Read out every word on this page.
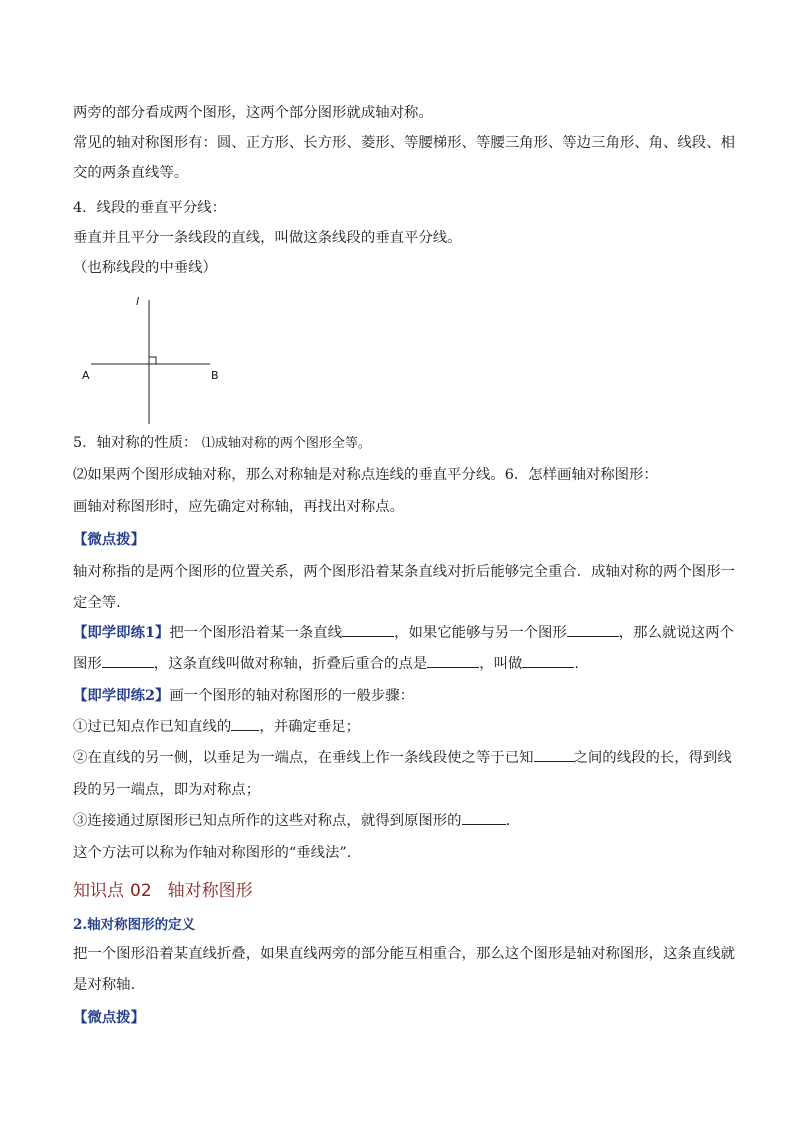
两旁的部分看成两个图形，这两个部分图形就成轴对称。
常见的轴对称图形有：圆、正方形、长方形、菱形、等腰梯形、等腰三角形、等边三角形、角、线段、相
交的两条直线等。
4．线段的垂直平分线：
垂直并且平分一条线段的直线，叫做这条线段的垂直平分线。
（也称线段的中垂线）
5．轴对称的性质： ⑴成轴对称的两个图形全等。
⑵如果两个图形成轴对称，那么对称轴是对称点连线的垂直平分线。6．怎样画轴对称图形：
画轴对称图形时，应先确定对称轴，再找出对称点。
【微点拨】
轴对称指的是两个图形的位置关系，两个图形沿着某条直线对折后能够完全重合．成轴对称的两个图形一
定全等.
【即学即练1】把一个图形沿着某一条直线	，如果它能够与另一个图形	，那么就说这两个
图形	，这条直线叫做对称轴，折叠后重合的点是	，叫做	.
【即学即练2】画一个图形的轴对称图形的一般步骤：
①过已知点作已知直线的 ，并确定垂足；
②在直线的另一侧，以垂足为一端点，在垂线上作一条线段使之等于已知	之间的线段的长，得到线
段的另一端点，即为对称点；
③连接通过原图形已知点所作的这些对称点，就得到原图形的	.
这个方法可以称为作轴对称图形的“垂线法”.
知识点 02 轴对称图形
2.轴对称图形的定义
把一个图形沿着某直线折叠，如果直线两旁的部分能互相重合，那么这个图形是轴对称图形，这条直线就
是对称轴.
【微点拨】
l
A	B
